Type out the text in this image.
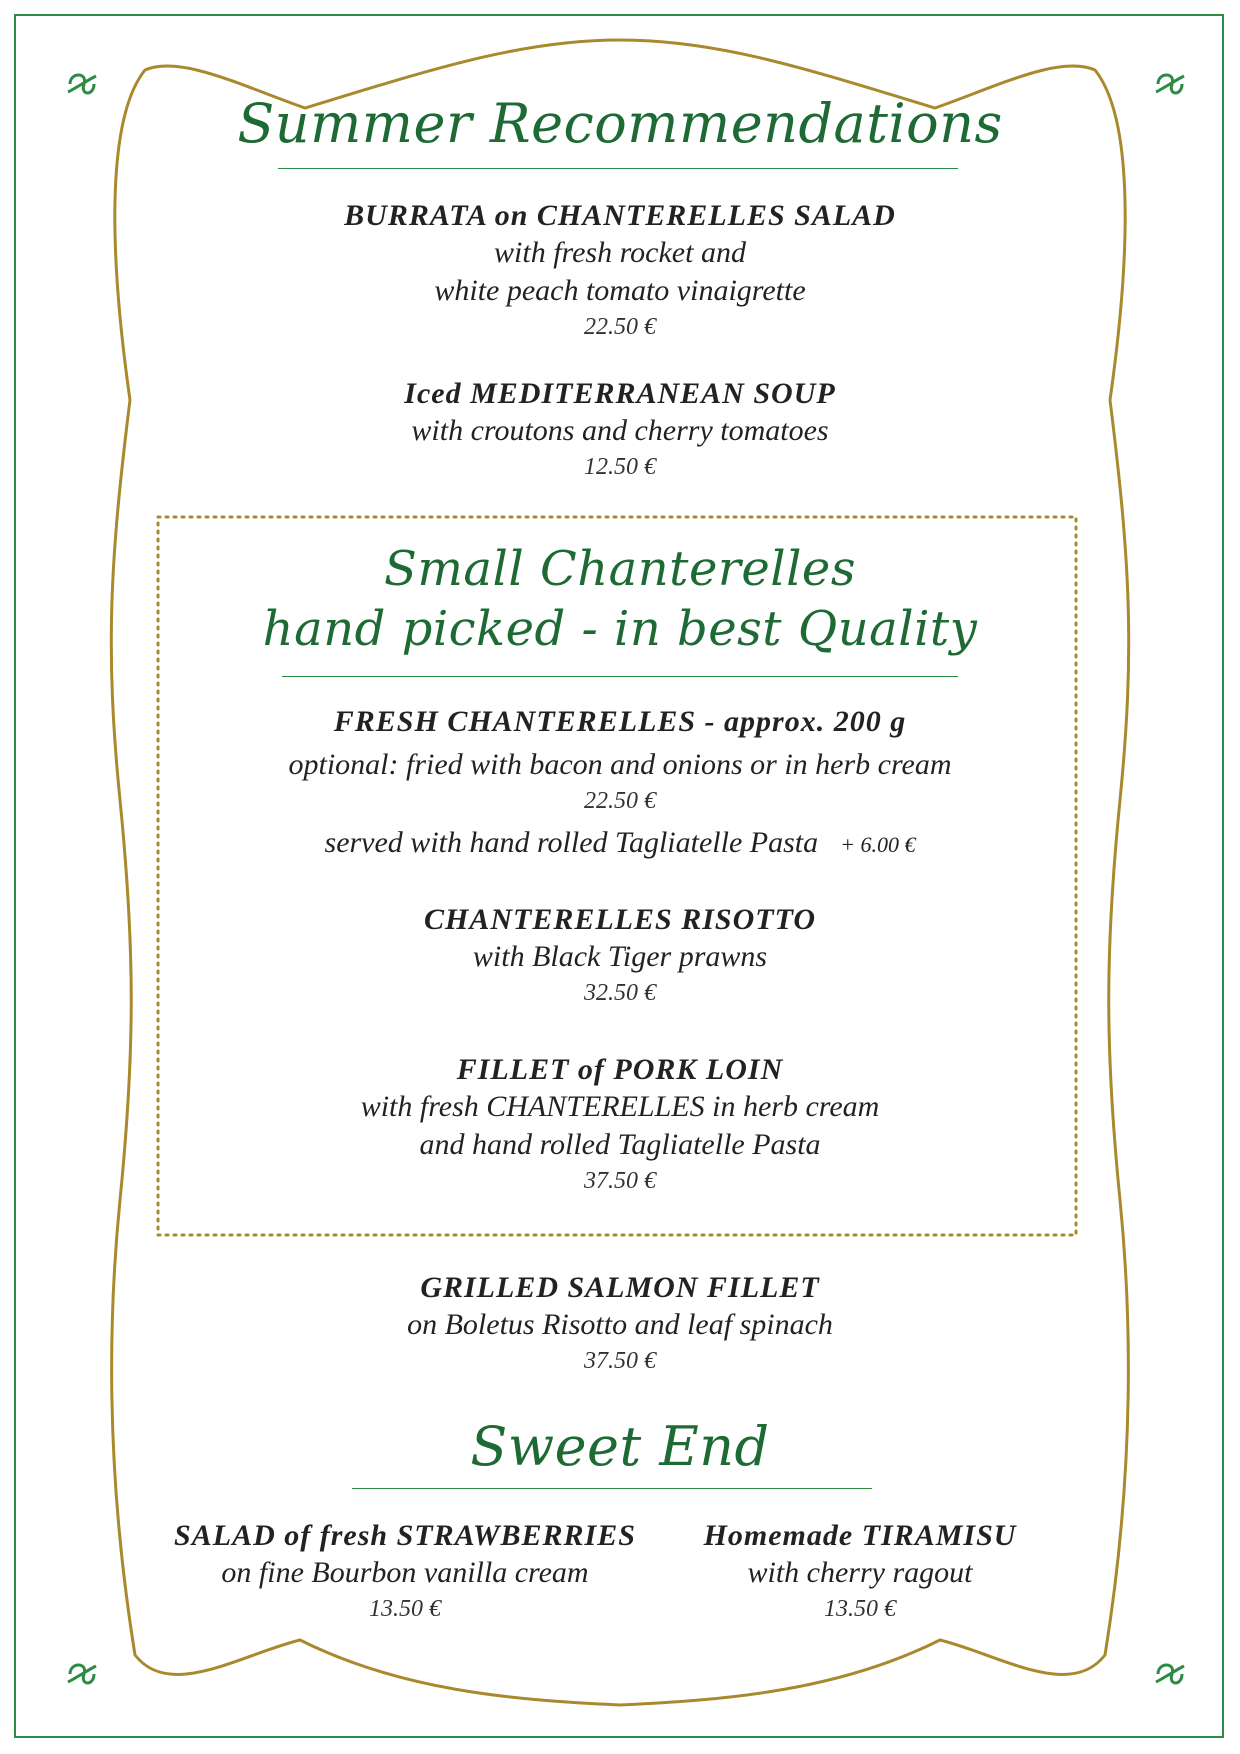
Summer Recommendations
BURRATA on CHANTERELLES SALAD
with fresh rocket and
white peach tomato vinaigrette
22.50 €
Iced MEDITERRANEAN SOUP
with croutons and cherry tomatoes
12.50 €
Small Chanterelles
hand picked - in best Quality
FRESH CHANTERELLES - approx. 200 g
optional: fried with bacon and onions or in herb cream
22.50 €
served with hand rolled Tagliatelle Pasta + 6.00 €
CHANTERELLES RISOTTO
with Black Tiger prawns
32.50 €
FILLET of PORK LOIN
with fresh CHANTERELLES in herb cream
and hand rolled Tagliatelle Pasta
37.50 €
GRILLED SALMON FILLET
on Boletus Risotto and leaf spinach
37.50 €
Sweet End
SALAD of fresh STRAWBERRIES
on fine Bourbon vanilla cream
13.50 €
Homemade TIRAMISU
with cherry ragout
13.50 €
